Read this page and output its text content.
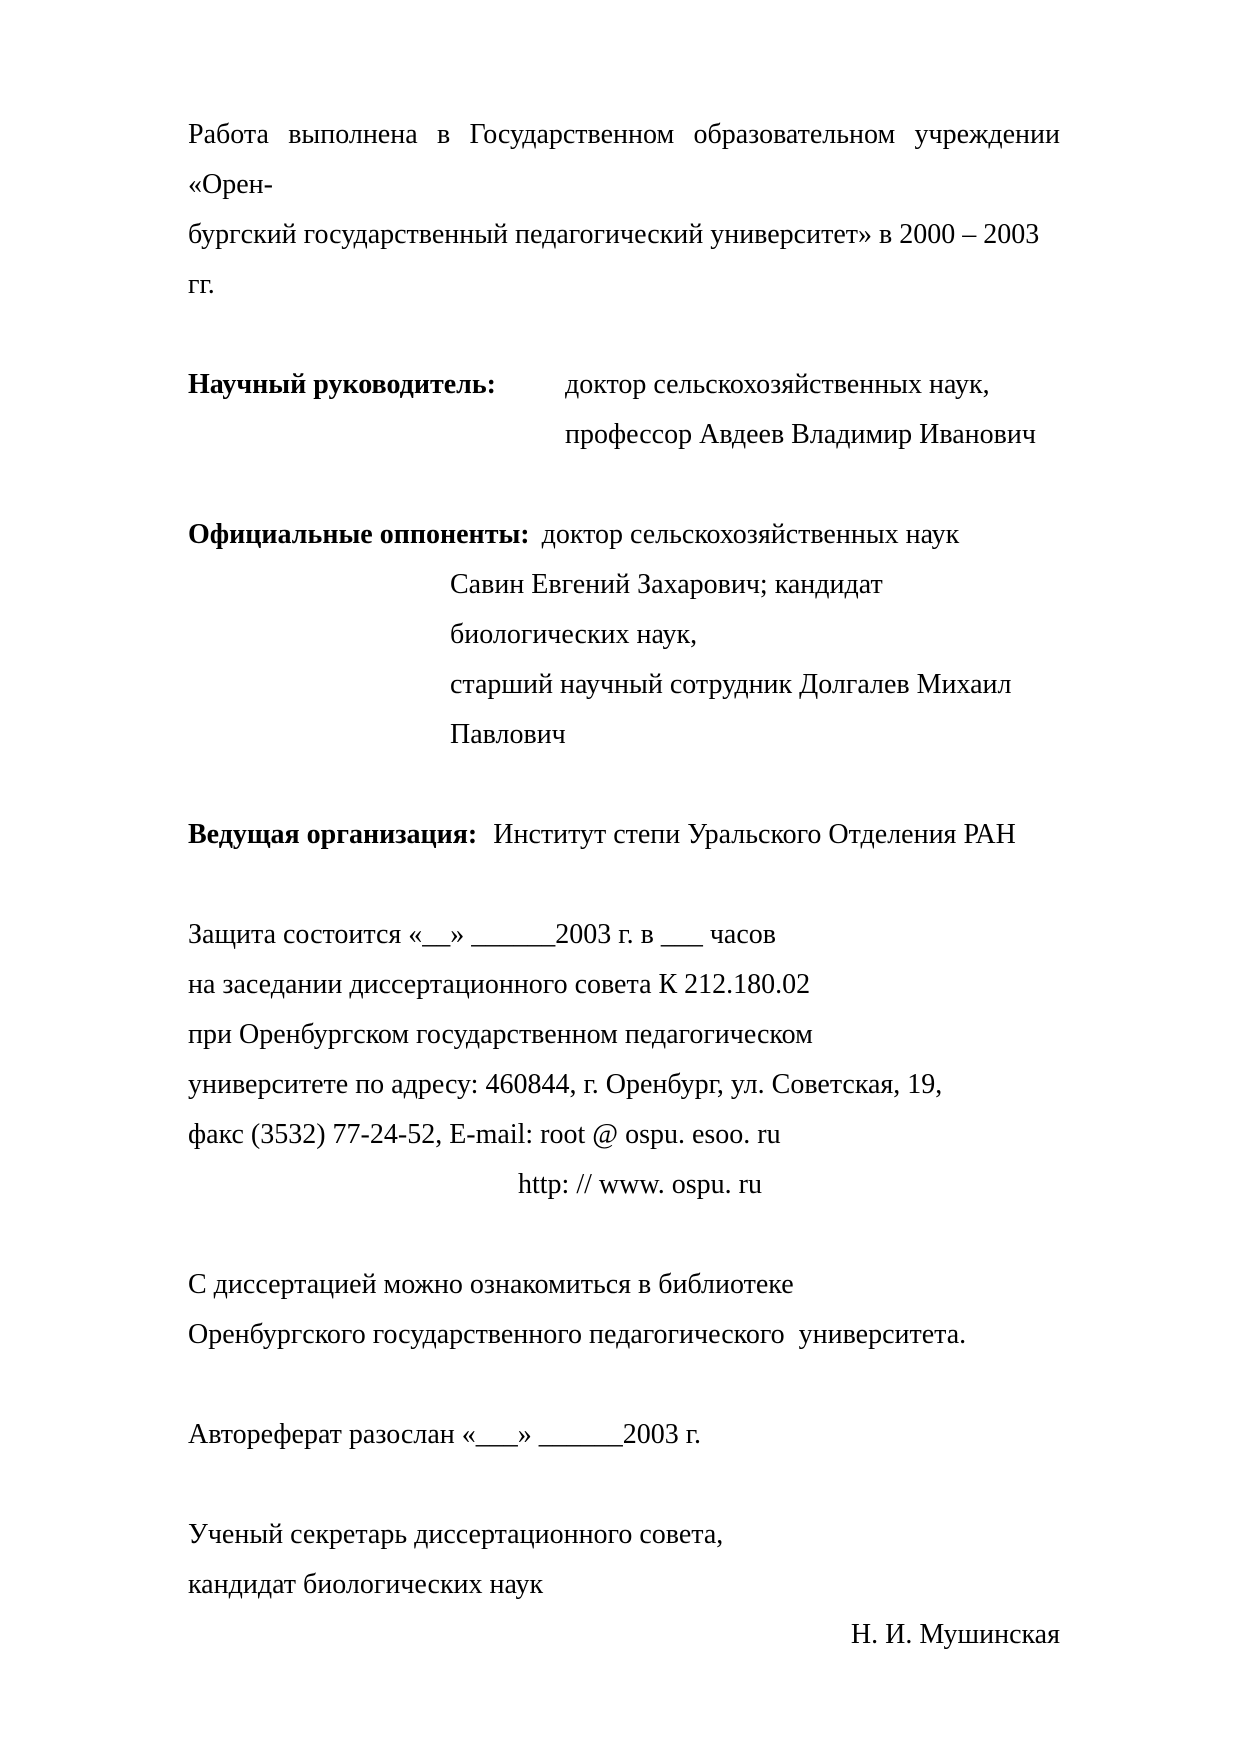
Работа выполнена в Государственном образовательном учреждении «Орен-
бургский государственный педагогический университет» в 2000 – 2003 гг.
Научный руководитель:	доктор сельскохозяйственных наук,
профессор Авдеев Владимир Иванович
Официальные оппоненты: доктор сельскохозяйственных наук
Савин Евгений Захарович; кандидат биологических наук,
старший научный сотрудник Долгалев Михаил Павлович
Ведущая организация: Институт степи Уральского Отделения РАН
Защита состоится «__» ______2003 г. в ___ часов
на заседании диссертационного совета К 212.180.02
при Оренбургском государственном педагогическом
университете по адресу: 460844, г. Оренбург, ул. Советская, 19,
факс (3532) 77-24-52, E-mail: root @ ospu. esoo. ru
http: // www. ospu. ru
С диссертацией можно ознакомиться в библиотеке
Оренбургского государственного педагогического  университета.
Автореферат разослан «___» ______2003 г.
Ученый секретарь диссертационного совета,
кандидат биологических наук
Н. И. Мушинская
